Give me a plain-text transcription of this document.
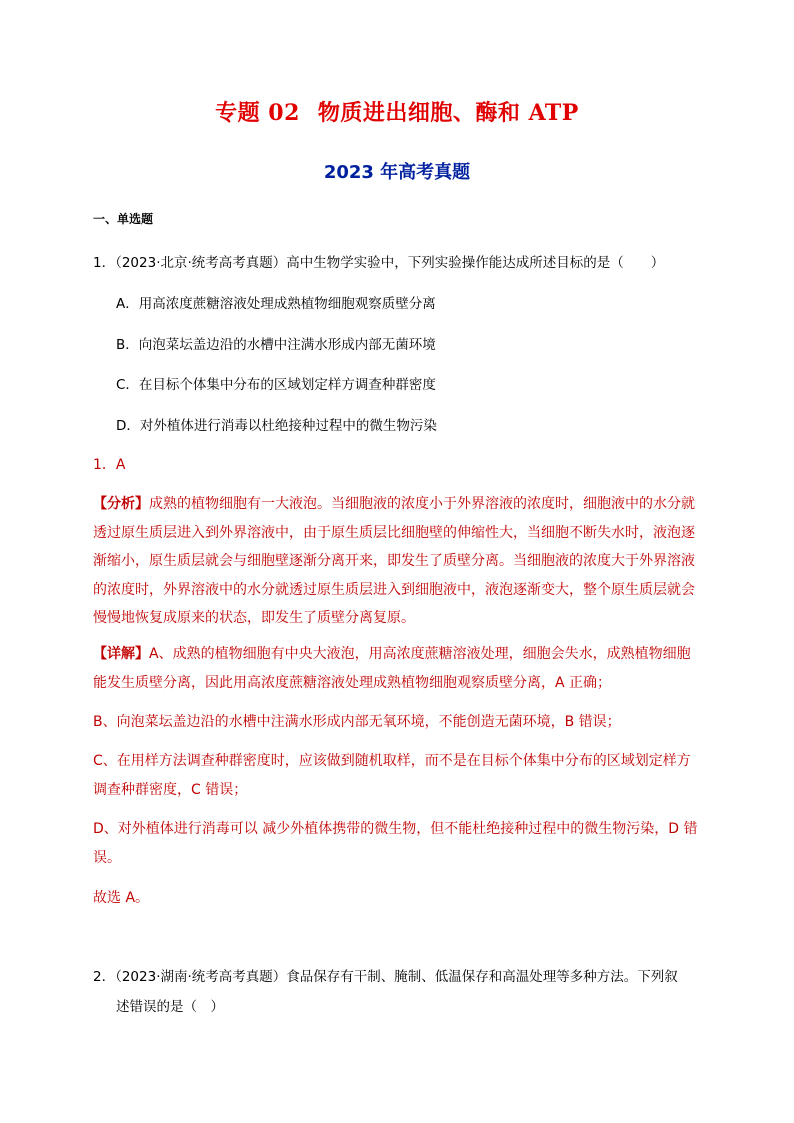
专题 02 物质进出细胞、酶和 ATP
2023 年高考真题
一、单选题
1．（2023·北京·统考高考真题）高中生物学实验中，下列实验操作能达成所述目标的是（　　）
A．用高浓度蔗糖溶液处理成熟植物细胞观察质壁分离
B．向泡菜坛盖边沿的水槽中注满水形成内部无菌环境
C．在目标个体集中分布的区域划定样方调查种群密度
D．对外植体进行消毒以杜绝接种过程中的微生物污染
1．A
【分析】成熟的植物细胞有一大液泡。当细胞液的浓度小于外界溶液的浓度时，细胞液中的水分就透过原生质层进入到外界溶液中，由于原生质层比细胞壁的伸缩性大，当细胞不断失水时，液泡逐渐缩小，原生质层就会与细胞壁逐渐分离开来，即发生了质壁分离。当细胞液的浓度大于外界溶液的浓度时，外界溶液中的水分就透过原生质层进入到细胞液中，液泡逐渐变大，整个原生质层就会慢慢地恢复成原来的状态，即发生了质壁分离复原。
【详解】A、成熟的植物细胞有中央大液泡，用高浓度蔗糖溶液处理，细胞会失水，成熟植物细胞能发生质壁分离，因此用高浓度蔗糖溶液处理成熟植物细胞观察质壁分离，A 正确；
B、向泡菜坛盖边沿的水槽中注满水形成内部无氧环境，不能创造无菌环境，B 错误；
C、在用样方法调查种群密度时，应该做到随机取样，而不是在目标个体集中分布的区域划定样方调查种群密度，C 错误；
D、对外植体进行消毒可以 减少外植体携带的微生物，但不能杜绝接种过程中的微生物污染，D 错误。
故选 A。
2．（2023·湖南·统考高考真题）食品保存有干制、腌制、低温保存和高温处理等多种方法。下列叙
述错误的是（　）
